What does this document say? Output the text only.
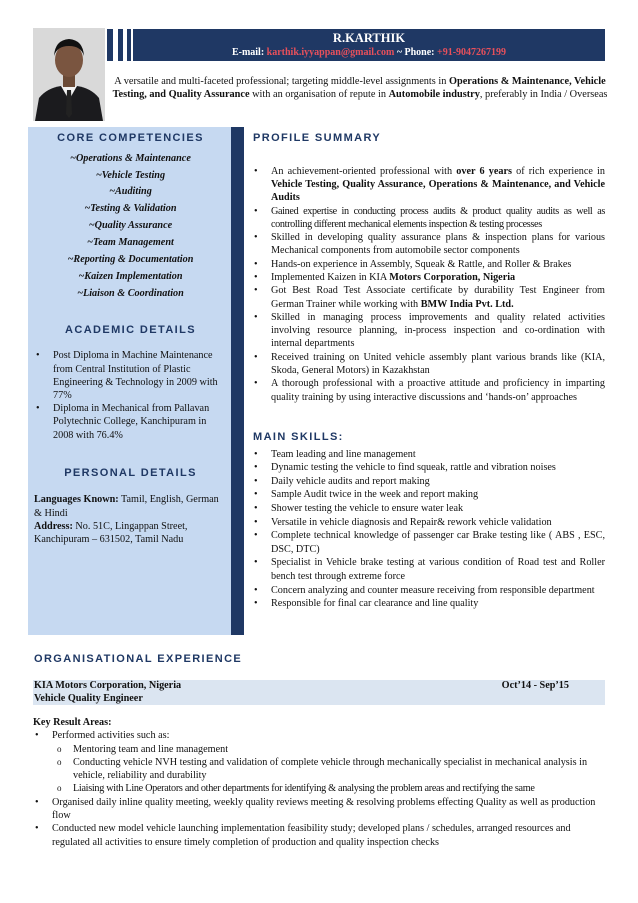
R.KARTHIK
E-mail: karthik.iyyappan@gmail.com ~ Phone: +91-9047267199
A versatile and multi-faceted professional; targeting middle-level assignments in Operations & Maintenance, Vehicle Testing, and Quality Assurance with an organisation of repute in Automobile industry, preferably in India / Overseas
CORE COMPETENCIES
~Operations & Maintenance
~Vehicle Testing
~Auditing
~Testing & Validation
~Quality Assurance
~Team Management
~Reporting & Documentation
~Kaizen Implementation
~Liaison & Coordination
ACADEMIC DETAILS
• Post Diploma in Machine Maintenance from Central Institution of Plastic Engineering & Technology in 2009 with 77%
• Diploma in Mechanical from Pallavan Polytechnic College, Kanchipuram in 2008 with 76.4%
PERSONAL DETAILS
Languages Known: Tamil, English, German & Hindi
Address: No. 51C, Lingappan Street, Kanchipuram – 631502, Tamil Nadu
PROFILE SUMMARY
• An achievement-oriented professional with over 6 years of rich experience in Vehicle Testing, Quality Assurance, Operations & Maintenance, and Vehicle Audits
• Gained expertise in conducting process audits & product quality audits as well as controlling different mechanical elements inspection & testing processes
• Skilled in developing quality assurance plans & inspection plans for various Mechanical components from automobile sector components
• Hands-on experience in Assembly, Squeak & Rattle, and Roller & Brakes
• Implemented Kaizen in KIA Motors Corporation, Nigeria
• Got Best Road Test Associate certificate by durability Test Engineer from German Trainer while working with BMW India Pvt. Ltd.
• Skilled in managing process improvements and quality related activities involving resource planning, in-process inspection and co-ordination with internal departments
• Received training on United vehicle assembly plant various brands like (KIA, Skoda, General Motors) in Kazakhstan
• A thorough professional with a proactive attitude and proficiency in imparting quality training by using interactive discussions and ‘hands-on’ approaches
MAIN SKILLS:
• Team leading and line management
• Dynamic testing the vehicle to find squeak, rattle and vibration noises
• Daily vehicle audits and report making
• Sample Audit twice in the week and report making
• Shower testing the vehicle to ensure water leak
• Versatile in vehicle diagnosis and Repair& rework vehicle validation
• Complete technical knowledge of passenger car Brake testing like ( ABS , ESC, DSC, DTC)
• Specialist in Vehicle brake testing at various condition of Road test and Roller bench test through extreme force
• Concern analyzing and counter measure receiving from responsible department
• Responsible for final car clearance and line quality
ORGANISATIONAL EXPERIENCE
KIA Motors Corporation, Nigeria	Oct’14 - Sep’15
Vehicle Quality Engineer
Key Result Areas:
• Performed activities such as:
o Mentoring team and line management
o Conducting vehicle NVH testing and validation of complete vehicle through mechanically specialist in mechanical analysis in vehicle, reliability and durability
o Liaising with Line Operators and other departments for identifying & analysing the problem areas and rectifying the same
• Organised daily inline quality meeting, weekly quality reviews meeting & resolving problems effecting Quality as well as production flow
• Conducted new model vehicle launching implementation feasibility study; developed plans / schedules, arranged resources and regulated all activities to ensure timely completion of production and quality inspection checks
